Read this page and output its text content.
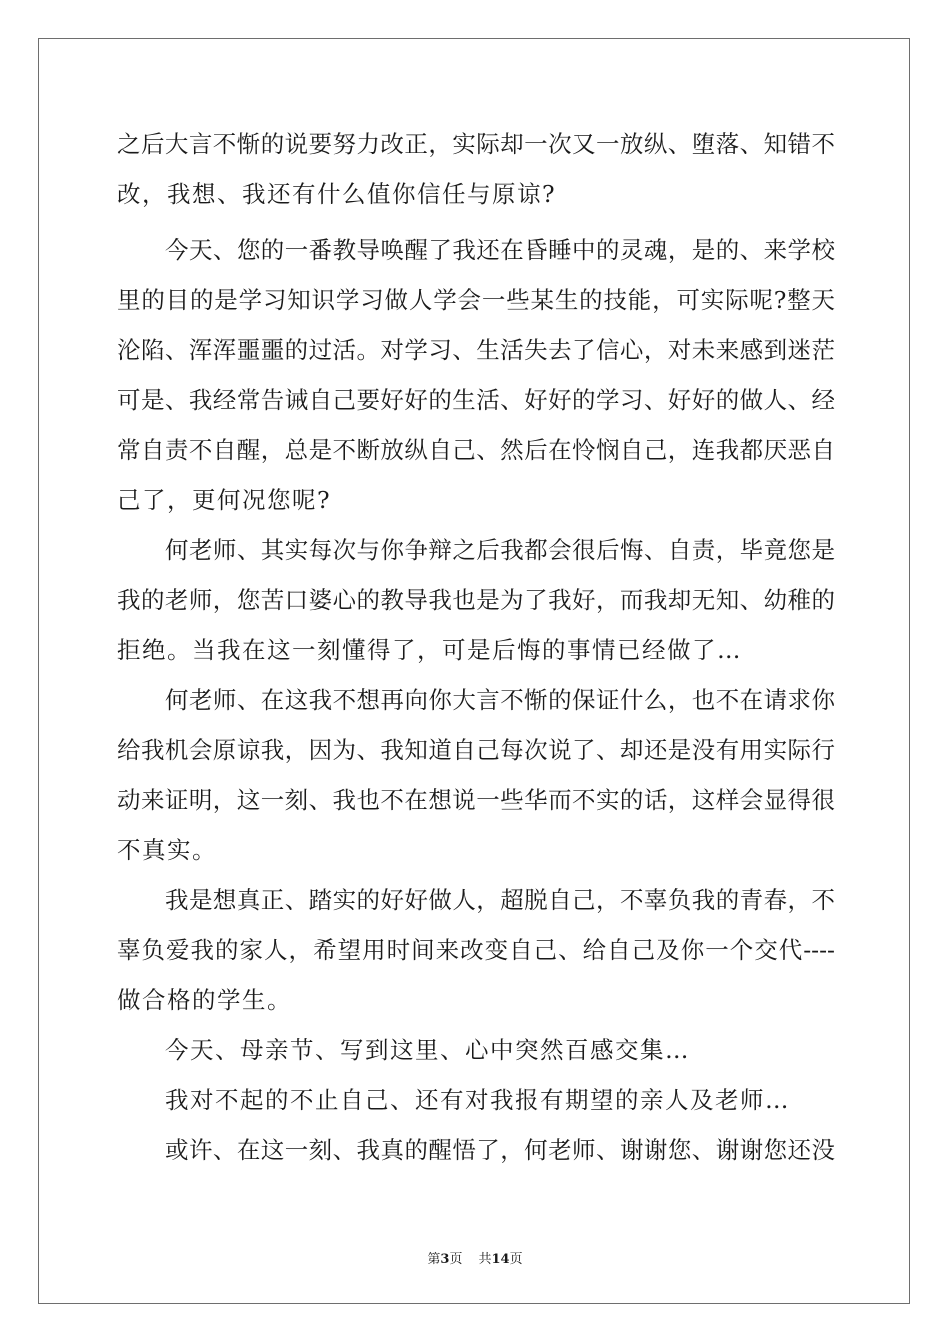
之后大言不惭的说要努力改正，实际却一次又一放纵、堕落、知错不
改，我想、我还有什么值你信任与原谅?
今天、您的一番教导唤醒了我还在昏睡中的灵魂，是的、来学校
里的目的是学习知识学习做人学会一些某生的技能，可实际呢?整天
沦陷、浑浑噩噩的过活。对学习、生活失去了信心，对未来感到迷茫
可是、我经常告诫自己要好好的生活、好好的学习、好好的做人、经
常自责不自醒，总是不断放纵自己、然后在怜悯自己，连我都厌恶自
己了，更何况您呢?
何老师、其实每次与你争辩之后我都会很后悔、自责，毕竟您是
我的老师，您苦口婆心的教导我也是为了我好，而我却无知、幼稚的
拒绝。当我在这一刻懂得了，可是后悔的事情已经做了…
何老师、在这我不想再向你大言不惭的保证什么，也不在请求你
给我机会原谅我，因为、我知道自己每次说了、却还是没有用实际行
动来证明，这一刻、我也不在想说一些华而不实的话，这样会显得很
不真实。
我是想真正、踏实的好好做人，超脱自己，不辜负我的青春，不
辜负爱我的家人，希望用时间来改变自己、给自己及你一个交代----
做合格的学生。
今天、母亲节、写到这里、心中突然百感交集…
我对不起的不止自己、还有对我报有期望的亲人及老师…
或许、在这一刻、我真的醒悟了，何老师、谢谢您、谢谢您还没
第3页 共14页
